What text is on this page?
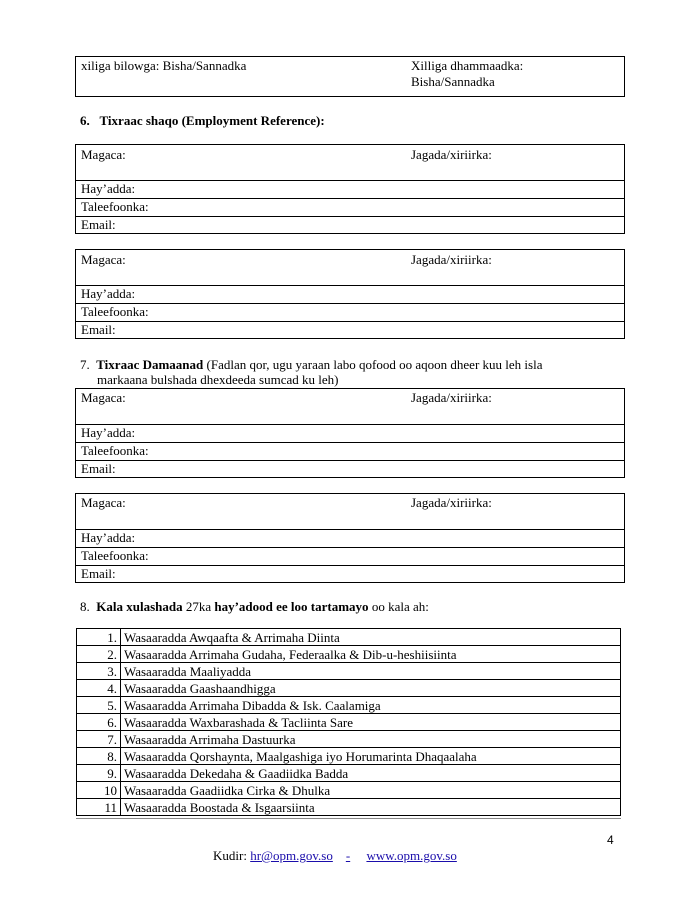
xiliga bilowga: Bisha/Sannadka	Xilliga dhammaadka:
Bisha/Sannadka
6. Tixraac shaqo (Employment Reference):
Magaca:	Jagada/xiriirka:
Hay’adda:
Taleefoonka:
Email:
Magaca:	Jagada/xiriirka:
Hay’adda:
Taleefoonka:
Email:
7. Tixraac Damaanad (Fadlan qor, ugu yaraan labo qofood oo aqoon dheer kuu leh isla
markaana bulshada dhexdeeda sumcad ku leh)
Magaca:	Jagada/xiriirka:
Hay’adda:
Taleefoonka:
Email:
Magaca:	Jagada/xiriirka:
Hay’adda:
Taleefoonka:
Email:
8. Kala xulashada 27ka hay’adood ee loo tartamayo oo kala ah:
1.	Wasaaradda Awqaafta & Arrimaha Diinta
2.	Wasaaradda Arrimaha Gudaha, Federaalka & Dib-u-heshiisiinta
3.	Wasaaradda Maaliyadda
4.	Wasaaradda Gaashaandhigga
5.	Wasaaradda Arrimaha Dibadda & Isk. Caalamiga
6.	Wasaaradda Waxbarashada & Tacliinta Sare
7.	Wasaaradda Arrimaha Dastuurka
8.	Wasaaradda Qorshaynta, Maalgashiga iyo Horumarinta Dhaqaalaha
9.	Wasaaradda Dekedaha & Gaadiidka Badda
10	Wasaaradda Gaadiidka Cirka & Dhulka
11	Wasaaradda Boostada & Isgaarsiinta
4
Kudir: hr@opm.gov.so - www.opm.gov.so
